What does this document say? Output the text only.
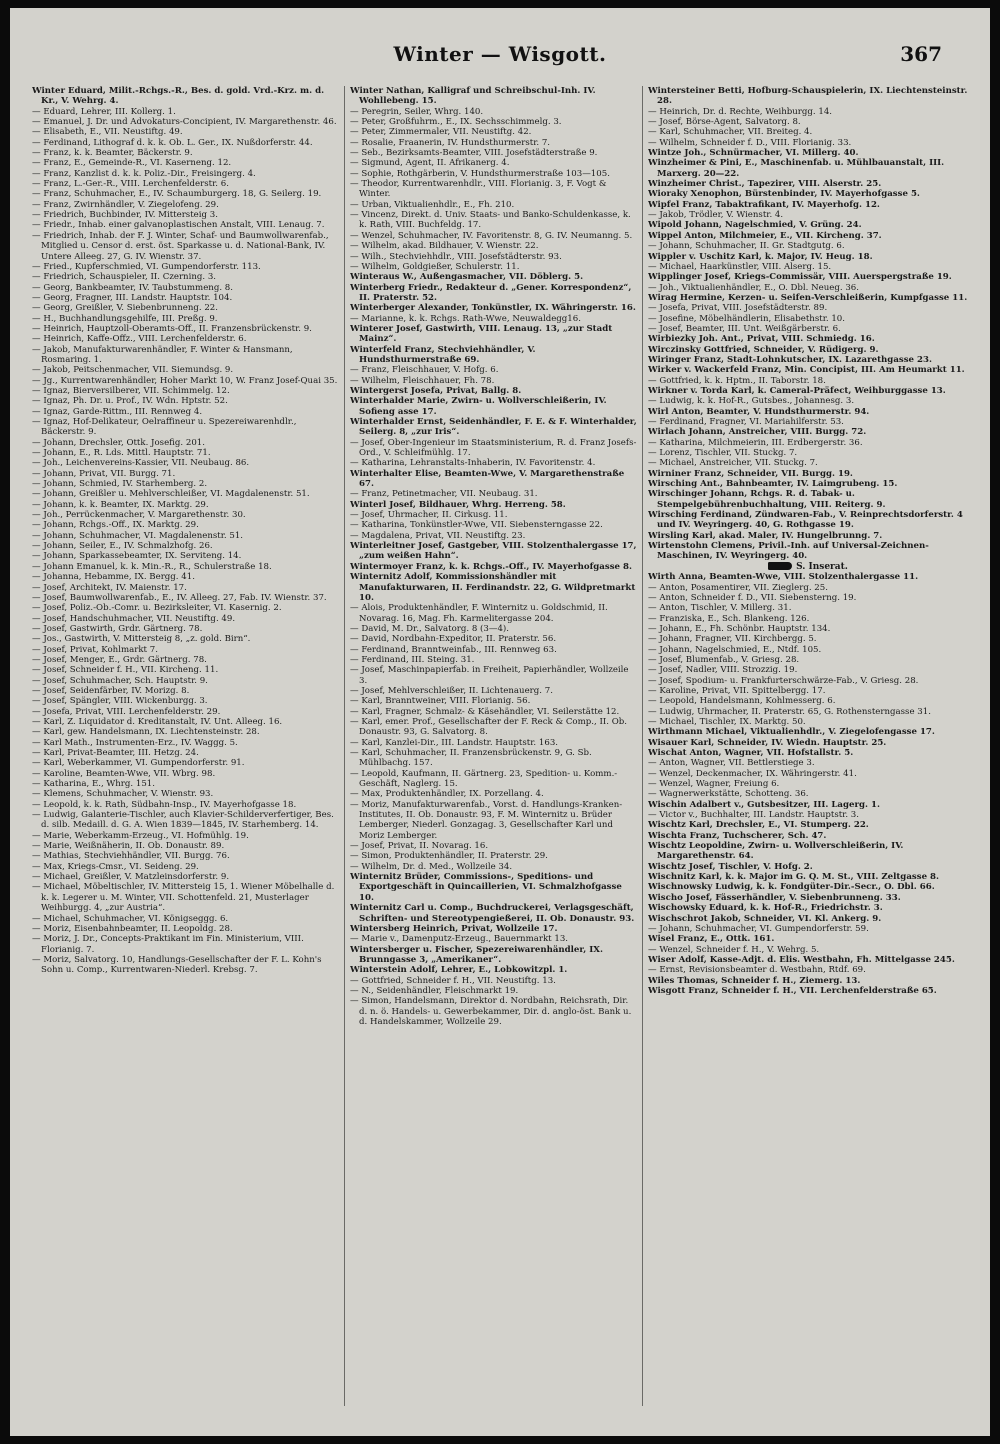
Winter — Wisgott.	367

Winter Eduard, Milit.-Rchgs.-R., Bes. d. gold. Vrd.-Krz. m. d. Kr., V. Wehrg. 4.

— Eduard, Lehrer, III. Kollerg. 1.

— Emanuel, J. Dr. und Advokaturs-Concipient, IV. Margarethenstr. 46.

— Elisabeth, E., VII. Neustiftg. 49.

— Ferdinand, Lithograf d. k. k. Ob. L. Ger., IX. Nußdorferstr. 44.

— Franz, k. k. Beamter, Bäckerstr. 9.

— Franz, E., Gemeinde-R., VI. Kaserneng. 12.

— Franz, Kanzlist d. k. k. Poliz.-Dir., Freisingerg. 4.

— Franz, L.-Ger.-R., VIII. Lerchenfelderstr. 6.

— Franz, Schuhmacher, E., IV. Schaumburgerg. 18, G. Seilerg. 19.

— Franz, Zwirnhändler, V. Ziegelofeng. 29.

— Friedrich, Buchbinder, IV. Mittersteig 3.

— Friedr., Inhab. einer galvanoplastischen Anstalt, VIII. Lenaug. 7.

— Friedrich, Inhab. der F. J. Winter, Schaf- und Baumwollwarenfab., Mitglied u. Censor d. erst. öst. Sparkasse u. d. National-Bank, IV. Untere Alleeg. 27, G. IV. Wienstr. 37.

— Fried., Kupferschmied, VI. Gumpendorferstr. 113.

— Friedrich, Schauspieler, II. Czerning. 3.

— Georg, Bankbeamter, IV. Taubstummeng. 8.

— Georg, Fragner, III. Landstr. Hauptstr. 104.

— Georg, Greißler, V. Siebenbrunneng. 22.

— H., Buchhandlungsgehilfe, III. Preßg. 9.

— Heinrich, Hauptzoll-Oberamts-Off., II. Franzensbrückenstr. 9.

— Heinrich, Kaffe-Offz., VIII. Lerchenfelderstr. 6.

— Jakob, Manufakturwarenhändler, F. Winter & Hansmann, Rosmaring. 1.

— Jakob, Peitschenmacher, VII. Siemundsg. 9.

— Jg., Kurrentwarenhändler, Hoher Markt 10, W. Franz Josef-Quai 35.

— Ignaz, Bierversilberer, VII. Schimmelg. 12.

— Ignaz, Ph. Dr. u. Prof., IV. Wdn. Hptstr. 52.

— Ignaz, Garde-Rittm., III. Rennweg 4.

— Ignaz, Hof-Delikateur, Oelraffineur u. Spezereiwarenhdlr., Bäckerstr. 9.

— Johann, Drechsler, Ottk. Josefig. 201.

— Johann, E., R. Lds. Mittl. Hauptstr. 71.

— Joh., Leichenvereins-Kassier, VII. Neubaug. 86.

— Johann, Privat, VII. Burgg. 71.

— Johann, Schmied, IV. Starhemberg. 2.

— Johann, Greißler u. Mehlverschleißer, VI. Magdalenenstr. 51.

— Johann, k. k. Beamter, IX. Marktg. 29.

— Joh., Perrückenmacher, V. Margarethenstr. 30.

— Johann, Rchgs.-Off., IX. Marktg. 29.

— Johann, Schuhmacher, VI. Magdalenenstr. 51.

— Johann, Seiler, E., IV. Schmalzhofg. 26.

— Johann, Sparkassebeamter, IX. Serviteng. 14.

— Johann Emanuel, k. k. Min.-R., R., Schulerstraße 18.

— Johanna, Hebamme, IX. Bergg. 41.

— Josef, Architekt, IV. Maienstr. 17.

— Josef, Baumwollwarenfab., E., IV. Alleeg. 27, Fab. IV. Wienstr. 37.

— Josef, Poliz.-Ob.-Comr. u. Bezirksleiter, VI. Kasernig. 2.

— Josef, Handschuhmacher, VII. Neustiftg. 49.

— Josef, Gastwirth, Grdr. Gärtnerg. 78.

— Jos., Gastwirth, V. Mittersteig 8, „z. gold. Birn“.

— Josef, Privat, Kohlmarkt 7.

— Josef, Menger, E., Grdr. Gärtnerg. 78.

— Josef, Schneider f. H., VII. Kircheng. 11.

— Josef, Schuhmacher, Sch. Hauptstr. 9.

— Josef, Seidenfärber, IV. Morizg. 8.

— Josef, Spängler, VIII. Wickenburgg. 3.

— Josefa, Privat, VIII. Lerchenfelderstr. 29.

— Karl, Z. Liquidator d. Kreditanstalt, IV. Unt. Alleeg. 16.

— Karl, gew. Handelsmann, IX. Liechtensteinstr. 28.

— Karl Math., Instrumenten-Erz., IV. Waggg. 5.

— Karl, Privat-Beamter, III. Hetzg. 24.

— Karl, Weberkammer, VI. Gumpendorferstr. 91.

— Karoline, Beamten-Wwe, VII. Wbrg. 98.

— Katharina, E., Whrg. 151.

— Klemens, Schuhmacher, V. Wienstr. 93.

— Leopold, k. k. Rath, Südbahn-Insp., IV. Mayerhofgasse 18.

— Ludwig, Galanterie-Tischler, auch Klavier-Schilderverfertiger, Bes. d. silb. Medaill. d. G. A. Wien 1839—1845, IV. Starhemberg. 14.

— Marie, Weberkamm-Erzeug., VI. Hofmühlg. 19.

— Marie, Weißnäherin, II. Ob. Donaustr. 89.

— Mathias, Stechviehhändler, VII. Burgg. 76.

— Max, Kriegs-Cmsr., VI. Seideng. 29.

— Michael, Greißler, V. Matzleinsdorferstr. 9.

— Michael, Möbeltischler, IV. Mittersteig 15, 1. Wiener Möbelhalle d. k. k. Legerer u. M. Winter, VII. Schottenfeld. 21, Musterlager Weihburgg. 4, „zur Austria“.

— Michael, Schuhmacher, VI. Königseggg. 6.

— Moriz, Eisenbahnbeamter, II. Leopoldg. 28.

— Moriz, J. Dr., Concepts-Praktikant im Fin. Ministerium, VIII. Florianig. 7.

— Moriz, Salvatorg. 10, Handlungs-Gesellschafter der F. L. Kohn's Sohn u. Comp., Kurrentwaren-Niederl. Krebsg. 7.

Winter Nathan, Kalligraf und Schreibschul-Inh. IV. Wohllebeng. 15.

— Peregrin, Seiler, Whrg. 140.

— Peter, Großfuhrm., E., IX. Sechsschimmelg. 3.

— Peter, Zimmermaler, VII. Neustiftg. 42.

— Rosalie, Fraanerin, IV. Hundsthurmerstr. 7.

— Seb., Bezirksamts-Beamter, VIII. Josefstädterstraße 9.

— Sigmund, Agent, II. Afrikanerg. 4.

— Sophie, Rothgärberin, V. Hundsthurmerstraße 103—105.

— Theodor, Kurrentwarenhdlr., VIII. Florianig. 3, F. Vogt & Winter.

— Urban, Viktualienhdlr., E., Fh. 210.

— Vincenz, Direkt. d. Univ. Staats- und Banko-Schuldenkasse, k. k. Rath, VIII. Buchfeldg. 17.

— Wenzel, Schuhmacher, IV. Favoritenstr. 8, G. IV. Neumanng. 5.

— Wilhelm, akad. Bildhauer, V. Wienstr. 22.

— Wilh., Stechviehhdlr., VIII. Josefstädterstr. 93.

— Wilhelm, Goldgießer, Schulerstr. 11.

Winteraus W., Außengasmacher, VII. Döblerg. 5.

Winterberg Friedr., Redakteur d. „Gener. Korrespondenz“, II. Praterstr. 52.

Winterberger Alexander, Tonkünstler, IX. Währingerstr. 16.

— Marianne, k. k. Rchgs. Rath-Wwe, Neuwaldegg16.

Winterer Josef, Gastwirth, VIII. Lenaug. 13, „zur Stadt Mainz“.

Winterfeld Franz, Stechviehhändler, V. Hundsthurmerstraße 69.

— Franz, Fleischhauer, V. Hofg. 6.

— Wilhelm, Fleischhauer, Fh. 78.

Wintergerst Josefa, Privat, Ballg. 8.

Winterhalder Marie, Zwirn- u. Wollverschleißerin, IV. Sofieng asse 17.

Winterhalder Ernst, Seidenhändler, F. E. & F. Winterhalder, Seilerg. 8, „zur Iris“.

— Josef, Ober-Ingenieur im Staatsministerium, R. d. Franz Josefs-Ord., V. Schleifmühlg. 17.

— Katharina, Lehranstalts-Inhaberin, IV. Favoritenstr. 4.

Winterhalter Elise, Beamten-Wwe, V. Margarethenstraße 67.

— Franz, Petinetmacher, VII. Neubaug. 31.

Winterl Josef, Bildhauer, Whrg. Herreng. 58.

— Josef, Uhrmacher, II. Cirkusg. 11.

— Katharina, Tonkünstler-Wwe, VII. Siebensterngasse 22.

— Magdalena, Privat, VII. Neustiftg. 23.

Winterleitner Josef, Gastgeber, VIII. Stolzenthalergasse 17, „zum weißen Hahn“.

Wintermoyer Franz, k. k. Rchgs.-Off., IV. Mayerhofgasse 8.

Winternitz Adolf, Kommissionshändler mit Manufakturwaren, II. Ferdinandstr. 22, G. Wildpretmarkt 10.

— Alois, Produktenhändler, F. Winternitz u. Goldschmid, II. Novarag. 16, Mag. Fh. Karmelitergasse 204.

— David, M. Dr., Salvatorg. 8 (3—4).

— David, Nordbahn-Expeditor, II. Praterstr. 56.

— Ferdinand, Branntweinfab., III. Rennweg 63.

— Ferdinand, III. Steing. 31.

— Josef, Maschinpapierfab. in Freiheit, Papierhändler, Wollzeile 3.

— Josef, Mehlverschleißer, II. Lichtenauerg. 7.

— Karl, Branntweiner, VIII. Florianig. 56.

— Karl, Fragner, Schmalz- & Käsehändler, VI. Seilerstätte 12.

— Karl, emer. Prof., Gesellschafter der F. Reck & Comp., II. Ob. Donaustr. 93, G. Salvatorg. 8.

— Karl, Kanzlei-Dir., III. Landstr. Hauptstr. 163.

— Karl, Schuhmacher, II. Franzensbrückenstr. 9, G. Sb. Mühlbachg. 157.

— Leopold, Kaufmann, II. Gärtnerg. 23, Spedition- u. Komm.-Geschäft, Naglerg. 15.

— Max, Produktenhändler, IX. Porzellang. 4.

— Moriz, Manufakturwarenfab., Vorst. d. Handlungs-Kranken-Institutes, II. Ob. Donaustr. 93, F. M. Winternitz u. Brüder Lemberger, Niederl. Gonzagag. 3, Gesellschafter Karl und Moriz Lemberger.

— Josef, Privat, II. Novarag. 16.

— Simon, Produktenhändler, II. Praterstr. 29.

— Wilhelm, Dr. d. Med., Wollzeile 34.

Winternitz Brüder, Commissions-, Speditions- und Exportgeschäft in Quincaillerien, VI. Schmalzhofgasse 10.

Winternitz Carl u. Comp., Buchdruckerei, Verlagsgeschäft, Schriften- und Stereotypengießerei, II. Ob. Donaustr. 93.

Wintersberg Heinrich, Privat, Wollzeile 17.

— Marie v., Damenputz-Erzeug., Bauernmarkt 13.

Wintersberger u. Fischer, Spezereiwarenhändler, IX. Brunngasse 3, „Amerikaner“.

Winterstein Adolf, Lehrer, E., Lobkowitzpl. 1.

— Gottfried, Schneider f. H., VII. Neustiftg. 13.

— N., Seidenhändler, Fleischmarkt 19.

— Simon, Handelsmann, Direktor d. Nordbahn, Reichsrath, Dir. d. n. ö. Handels- u. Gewerbekammer, Dir. d. anglo-öst. Bank u. d. Handelskammer, Wollzeile 29.

Wintersteiner Betti, Hofburg-Schauspielerin, IX. Liechtensteinstr. 28.

— Heinrich, Dr. d. Rechte, Weihburgg. 14.

— Josef, Börse-Agent, Salvatorg. 8.

— Karl, Schuhmacher, VII. Breiteg. 4.

— Wilhelm, Schneider f. D., VIII. Florianig. 33.

Wintze Joh., Schnürmacher, VI. Millerg. 40.

Winzheimer & Pini, E., Maschinenfab. u. Mühlbauanstalt, III. Marxerg. 20—22.

Winzheimer Christ., Tapezirer, VIII. Alserstr. 25.

Wioraky Xenophon, Bürstenbinder, IV. Mayerhofgasse 5.

Wipfel Franz, Tabaktrafikant, IV. Mayerhofg. 12.

— Jakob, Trödler, V. Wienstr. 4.

Wipold Johann, Nagelschmied, V. Grüng. 24.

Wippel Anton, Milchmeier, E., VII. Kircheng. 37.

— Johann, Schuhmacher, II. Gr. Stadtgutg. 6.

Wippler v. Uschitz Karl, k. Major, IV. Heug. 18.

— Michael, Haarkünstler, VIII. Alserg. 15.

Wipplinger Josef, Kriegs-Commissär, VIII. Auerspergstraße 19.

— Joh., Viktualienhändler, E., O. Dbl. Neueg. 36.

Wirag Hermine, Kerzen- u. Seifen-Verschleißerin, Kumpfgasse 11.

— Josefa, Privat, VIII. Josefstädterstr. 89.

— Josefine, Möbelhändlerin, Elisabethstr. 10.

— Josef, Beamter, III. Unt. Weißgärberstr. 6.

Wirbiezky Joh. Ant., Privat, VIII. Schmiedg. 16.

Wirczinsky Gottfried, Schneider, V. Rüdigerg. 9.

Wiringer Franz, Stadt-Lohnkutscher, IX. Lazarethgasse 23.

Wirker v. Wackerfeld Franz, Min. Concipist, III. Am Heumarkt 11.

— Gottfried, k. k. Hptm., II. Taborstr. 18.

Wirkner v. Torda Karl, k. Cameral-Präfect, Weihburggasse 13.

— Ludwig, k. k. Hof-R., Gutsbes., Johannesg. 3.

Wirl Anton, Beamter, V. Hundsthurmerstr. 94.

— Ferdinand, Fragner, VI. Mariahilferstr. 53.

Wirlach Johann, Anstreicher, VIII. Burgg. 72.

— Katharina, Milchmeierin, III. Erdbergerstr. 36.

— Lorenz, Tischler, VII. Stuckg. 7.

— Michael, Anstreicher, VII. Stuckg. 7.

Wirniner Franz, Schneider, VII. Burgg. 19.

Wirsching Ant., Bahnbeamter, IV. Laimgrubeng. 15.

Wirschinger Johann, Rchgs. R. d. Tabak- u. Stempelgebührenbuchhaltung, VIII. Reiterg. 9.

Wirsching Ferdinand, Zündwaren-Fab., V. Reinprechtsdorferstr. 4 und IV. Weyringerg. 40, G. Rothgasse 19.

Wirsling Karl, akad. Maler, IV. Hungelbrunng. 7.

Wirtenstohn Clemens, Privil.-Inh. auf Universal-Zeichnen-Maschinen, IV. Weyringerg. 40.

S. Inserat.

Wirth Anna, Beamten-Wwe, VIII. Stolzenthalergasse 11.

— Anton, Posamentirer, VII. Zieglerg. 25.

— Anton, Schneider f. D., VII. Siebensterng. 19.

— Anton, Tischler, V. Millerg. 31.

— Franziska, E., Sch. Blankeng. 126.

— Johann, E., Fh. Schönbr. Hauptstr. 134.

— Johann, Fragner, VII. Kirchbergg. 5.

— Johann, Nagelschmied, E., Ntdf. 105.

— Josef, Blumenfab., V. Griesg. 28.

— Josef, Nadler, VIII. Strozzig. 19.

— Josef, Spodium- u. Frankfurterschwärze-Fab., V. Griesg. 28.

— Karoline, Privat, VII. Spittelbergg. 17.

— Leopold, Handelsmann, Kohlmesserg. 6.

— Ludwig, Uhrmacher, II. Praterstr. 65, G. Rothensterngasse 31.

— Michael, Tischler, IX. Marktg. 50.

Wirthmann Michael, Viktualienhdlr., V. Ziegelofengasse 17.

Wisauer Karl, Schneider, IV. Wiedn. Hauptstr. 25.

Wischat Anton, Wagner, VII. Hofstallstr. 5.

— Anton, Wagner, VII. Bettlerstiege 3.

— Wenzel, Deckenmacher, IX. Währingerstr. 41.

— Wenzel, Wagner, Freiung 6.

— Wagnerwerkstätte, Schotteng. 36.

Wischin Adalbert v., Gutsbesitzer, III. Lagerg. 1.

— Victor v., Buchhalter, III. Landstr. Hauptstr. 3.

Wischtz Karl, Drechsler, E., VI. Stumperg. 22.

Wischta Franz, Tuchscherer, Sch. 47.

Wischtz Leopoldine, Zwirn- u. Wollverschleißerin, IV. Margarethenstr. 64.

Wischtz Josef, Tischler, V. Hofg. 2.

Wischnitz Karl, k. k. Major im G. Q. M. St., VIII. Zeltgasse 8.

Wischnowsky Ludwig, k. k. Fondgüter-Dir.-Secr., O. Dbl. 66.

Wischo Josef, Fässerhändler, V. Siebenbrunneng. 33.

Wischowsky Eduard, k. k. Hof-R., Friedrichstr. 3.

Wischschrot Jakob, Schneider, VI. Kl. Ankerg. 9.

— Johann, Schuhmacher, VI. Gumpendorferstr. 59.

Wisel Franz, E., Ottk. 161.

— Wenzel, Schneider f. H., V. Wehrg. 5.

Wiser Adolf, Kasse-Adjt. d. Elis. Westbahn, Fh. Mittelgasse 245.

— Ernst, Revisionsbeamter d. Westbahn, Rtdf. 69.

Wiles Thomas, Schneider f. H., Ziemerg. 13.

Wisgott Franz, Schneider f. H., VII. Lerchenfelderstraße 65.
